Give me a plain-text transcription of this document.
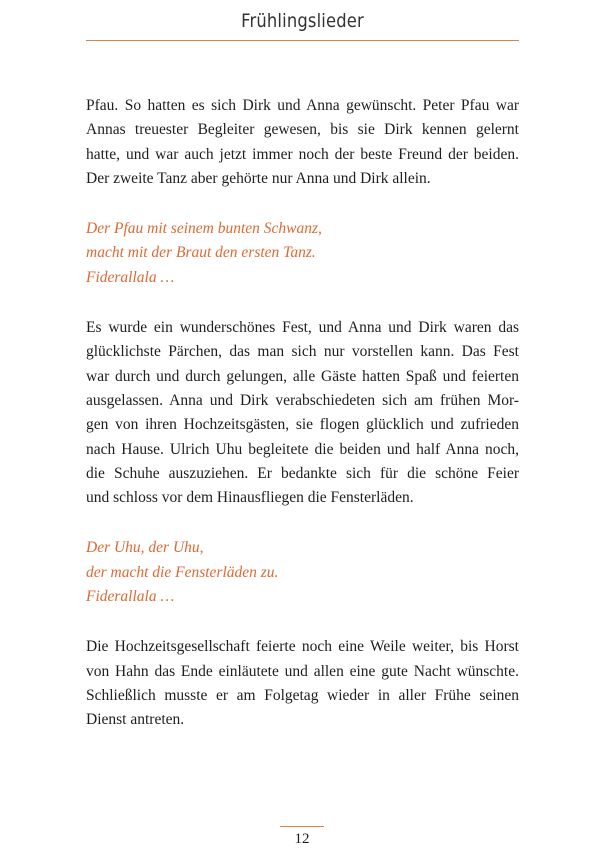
Frühlingslieder

Pfau. So hatten es sich Dirk und Anna gewünscht. Peter Pfau war
Annas treuester Begleiter gewesen, bis sie Dirk kennen gelernt
hatte, und war auch jetzt immer noch der beste Freund der beiden.
Der zweite Tanz aber gehörte nur Anna und Dirk allein.

Der Pfau mit seinem bunten Schwanz,
macht mit der Braut den ersten Tanz.
Fiderallala …

Es wurde ein wunderschönes Fest, und Anna und Dirk waren das
glücklichste Pärchen, das man sich nur vorstellen kann. Das Fest
war durch und durch gelungen, alle Gäste hatten Spaß und feierten
ausgelassen. Anna und Dirk verabschiedeten sich am frühen Mor-
gen von ihren Hochzeitsgästen, sie flogen glücklich und zufrieden
nach Hause. Ulrich Uhu begleitete die beiden und half Anna noch,
die Schuhe auszuziehen. Er bedankte sich für die schöne Feier
und schloss vor dem Hinausfliegen die Fensterläden.

Der Uhu, der Uhu,
der macht die Fensterläden zu.
Fiderallala …

Die Hochzeitsgesellschaft feierte noch eine Weile weiter, bis Horst
von Hahn das Ende einläutete und allen eine gute Nacht wünschte.
Schließlich musste er am Folgetag wieder in aller Frühe seinen
Dienst antreten.

12
